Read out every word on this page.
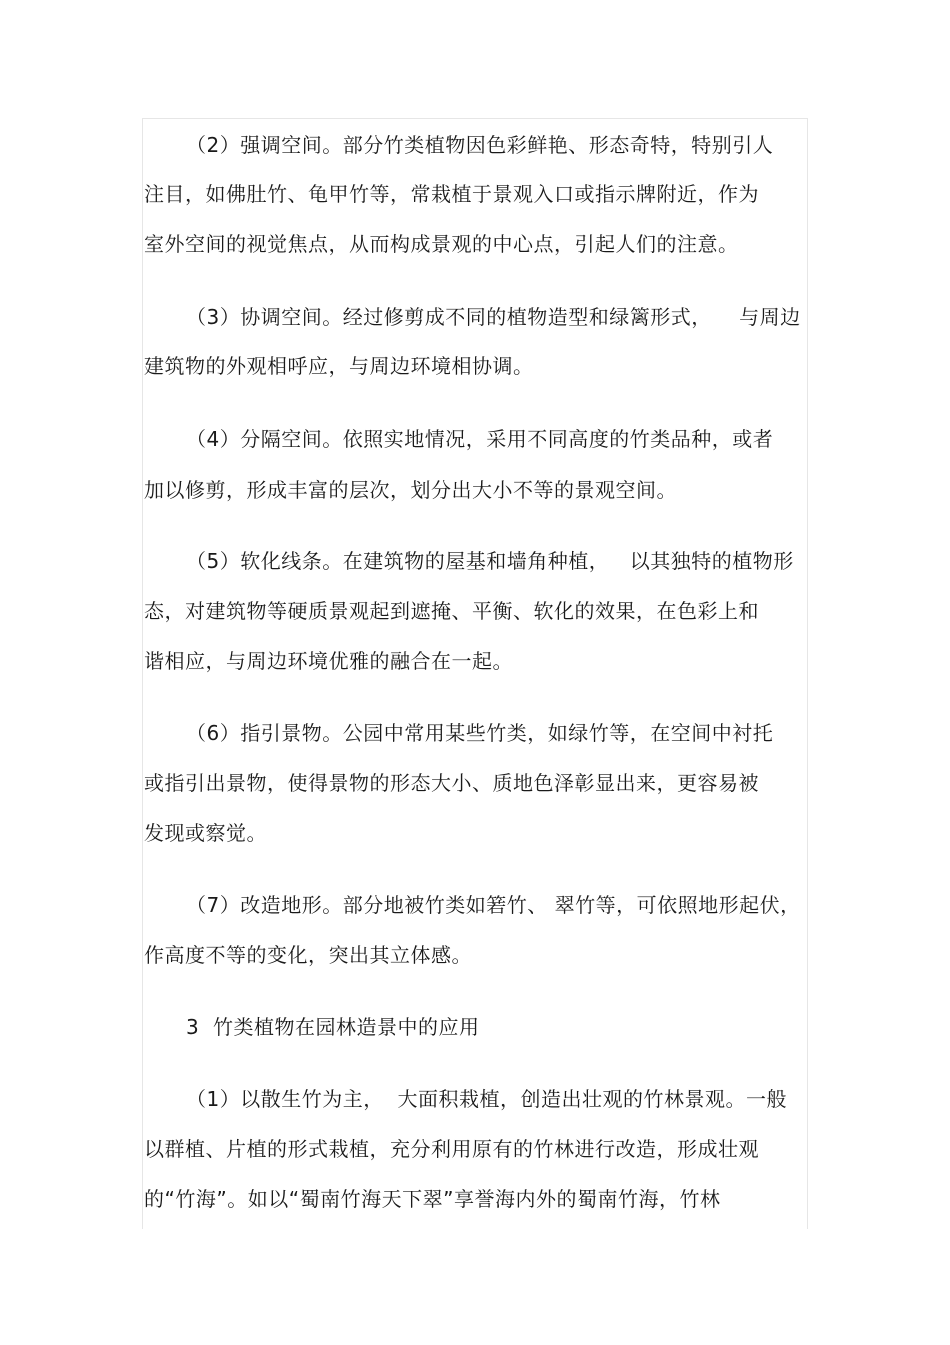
（2）强调空间。部分竹类植物因色彩鲜艳、形态奇特，特别引人
注目，如佛肚竹、龟甲竹等，常栽植于景观入口或指示牌附近，作为
室外空间的视觉焦点，从而构成景观的中心点，引起人们的注意。
（3）协调空间。经过修剪成不同的植物造型和绿篱形式，    与周边
建筑物的外观相呼应，与周边环境相协调。
（4）分隔空间。依照实地情况，采用不同高度的竹类品种，或者
加以修剪，形成丰富的层次，划分出大小不等的景观空间。
（5）软化线条。在建筑物的屋基和墙角种植，   以其独特的植物形
态，对建筑物等硬质景观起到遮掩、平衡、软化的效果，在色彩上和
谐相应，与周边环境优雅的融合在一起。
（6）指引景物。公园中常用某些竹类，如绿竹等，在空间中衬托
或指引出景物，使得景物的形态大小、质地色泽彰显出来，更容易被
发现或察觉。
（7）改造地形。部分地被竹类如箬竹、 翠竹等，可依照地形起伏，
作高度不等的变化，突出其立体感。
3  竹类植物在园林造景中的应用
（1）以散生竹为主，  大面积栽植，创造出壮观的竹林景观。一般
以群植、片植的形式栽植，充分利用原有的竹林进行改造，形成壮观
的“竹海”。如以“蜀南竹海天下翠”享誉海内外的蜀南竹海，竹林
